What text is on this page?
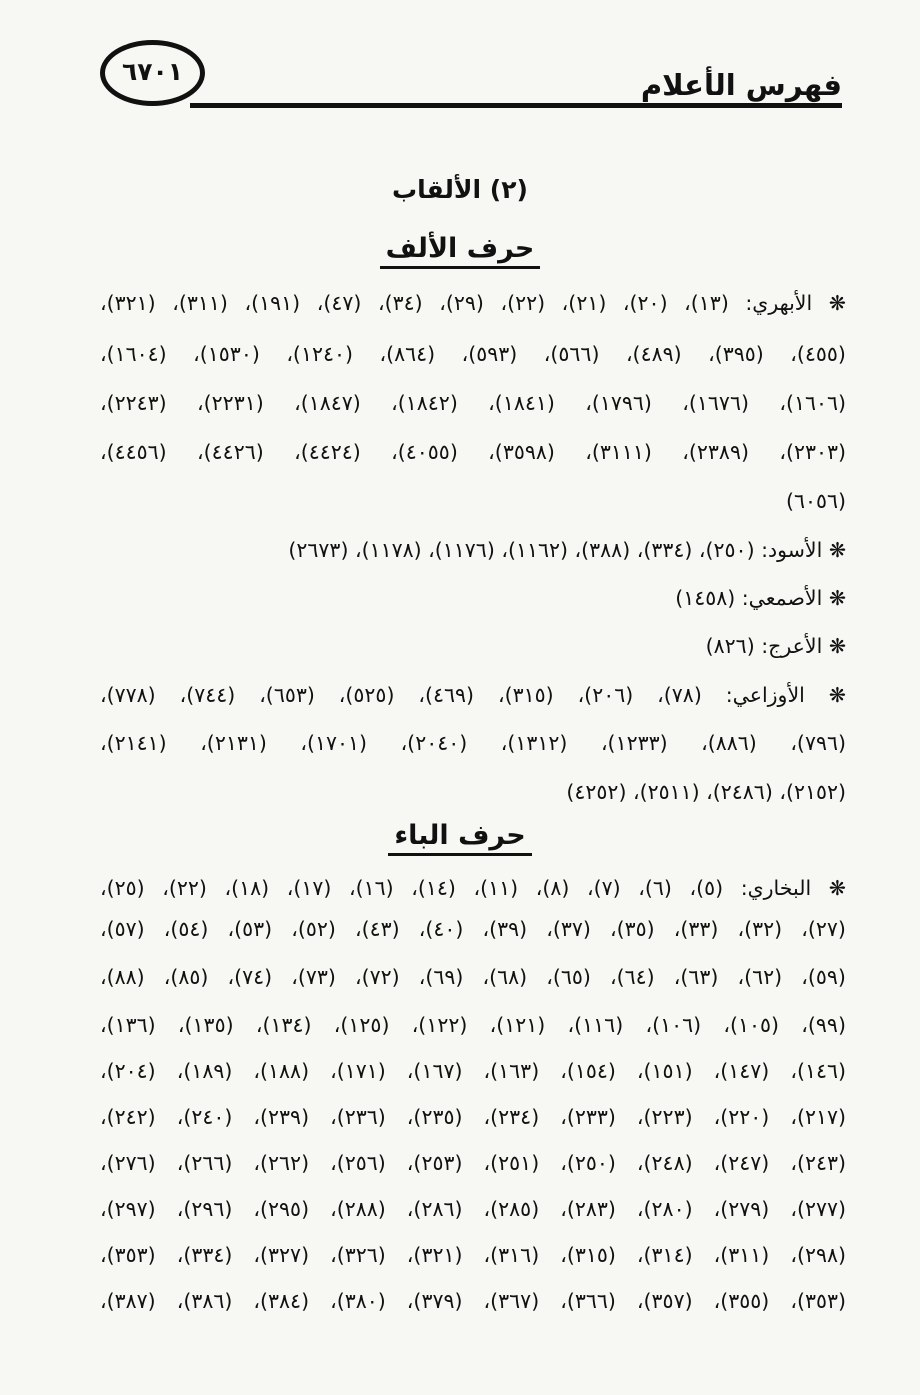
فهرس الأعلام
٦٧٠١
(٢) الألقاب
حرف الألف
❋ الأبهري: (١٣)، (٢٠)، (٢١)، (٢٢)، (٢٩)، (٣٤)، (٤٧)، (١٩١)، (٣١١)، (٣٢١)،
(٤٥٥)، (٣٩٥)، (٤٨٩)، (٥٦٦)، (٥٩٣)، (٨٦٤)، (١٢٤٠)، (١٥٣٠)، (١٦٠٤)،
(١٦٠٦)، (١٦٧٦)، (١٧٩٦)، (١٨٤١)، (١٨٤٢)، (١٨٤٧)، (٢٢٣١)، (٢٢٤٣)،
(٢٣٠٣)، (٢٣٨٩)، (٣١١١)، (٣٥٩٨)، (٤٠٥٥)، (٤٤٢٤)، (٤٤٢٦)، (٤٤٥٦)،
(٦٠٥٦)
❋ الأسود: (٢٥٠)، (٣٣٤)، (٣٨٨)، (١١٦٢)، (١١٧٦)، (١١٧٨)، (٢٦٧٣)
❋ الأصمعي: (١٤٥٨)
❋ الأعرج: (٨٢٦)
❋ الأوزاعي: (٧٨)، (٢٠٦)، (٣١٥)، (٤٦٩)، (٥٢٥)، (٦٥٣)، (٧٤٤)، (٧٧٨)،
(٧٩٦)، (٨٨٦)، (١٢٣٣)، (١٣١٢)، (٢٠٤٠)، (١٧٠١)، (٢١٣١)، (٢١٤١)،
(٢١٥٢)، (٢٤٨٦)، (٢٥١١)، (٤٢٥٢)
حرف الباء
❋ البخاري: (٥)، (٦)، (٧)، (٨)، (١١)، (١٤)، (١٦)، (١٧)، (١٨)، (٢٢)، (٢٥)،
(٢٧)، (٣٢)، (٣٣)، (٣٥)، (٣٧)، (٣٩)، (٤٠)، (٤٣)، (٥٢)، (٥٣)، (٥٤)، (٥٧)،
(٥٩)، (٦٢)، (٦٣)، (٦٤)، (٦٥)، (٦٨)، (٦٩)، (٧٢)، (٧٣)، (٧٤)، (٨٥)، (٨٨)،
(٩٩)، (١٠٥)، (١٠٦)، (١١٦)، (١٢١)، (١٢٢)، (١٢٥)، (١٣٤)، (١٣٥)، (١٣٦)،
(١٤٦)، (١٤٧)، (١٥١)، (١٥٤)، (١٦٣)، (١٦٧)، (١٧١)، (١٨٨)، (١٨٩)، (٢٠٤)،
(٢١٧)، (٢٢٠)، (٢٢٣)، (٢٣٣)، (٢٣٤)، (٢٣٥)، (٢٣٦)، (٢٣٩)، (٢٤٠)، (٢٤٢)،
(٢٤٣)، (٢٤٧)، (٢٤٨)، (٢٥٠)، (٢٥١)، (٢٥٣)، (٢٥٦)، (٢٦٢)، (٢٦٦)، (٢٧٦)،
(٢٧٧)، (٢٧٩)، (٢٨٠)، (٢٨٣)، (٢٨٥)، (٢٨٦)، (٢٨٨)، (٢٩٥)، (٢٩٦)، (٢٩٧)،
(٢٩٨)، (٣١١)، (٣١٤)، (٣١٥)، (٣١٦)، (٣٢١)، (٣٢٦)، (٣٢٧)، (٣٣٤)، (٣٥٣)،
(٣٥٣)، (٣٥٥)، (٣٥٧)، (٣٦٦)، (٣٦٧)، (٣٧٩)، (٣٨٠)، (٣٨٤)، (٣٨٦)، (٣٨٧)،
